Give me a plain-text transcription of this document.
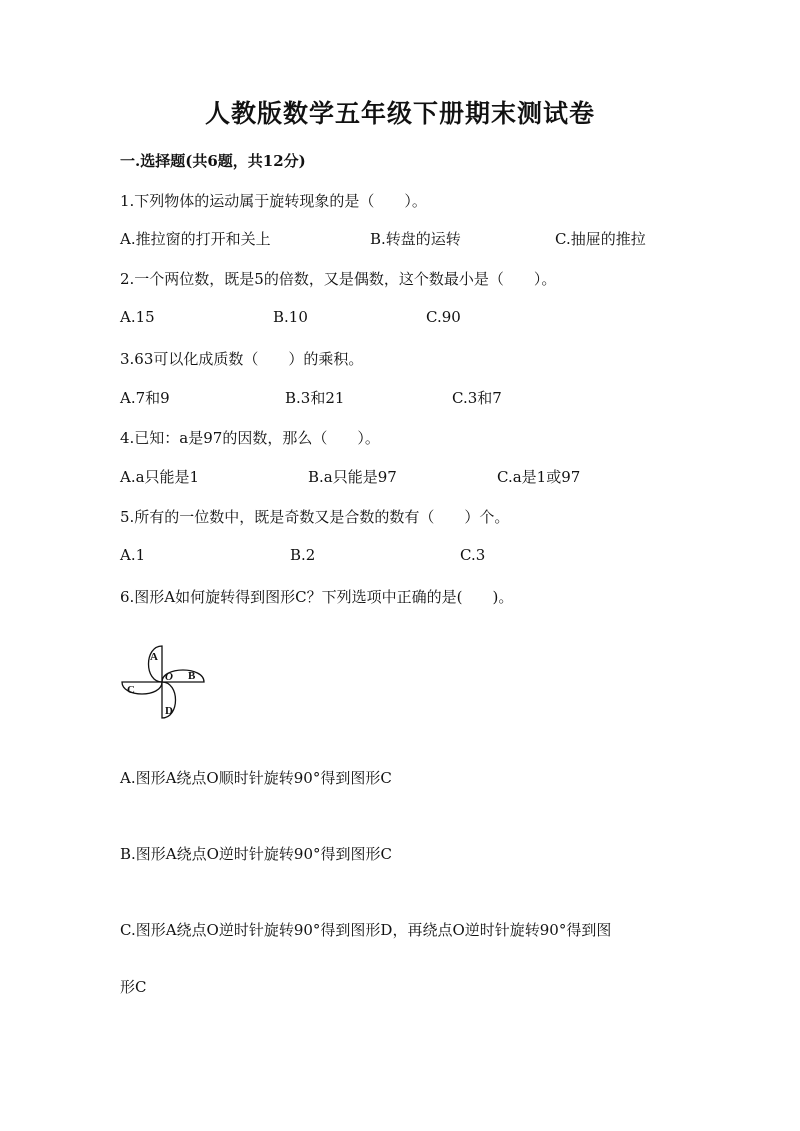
人教版数学五年级下册期末测试卷
一.选择题(共6题，共12分)
1.下列物体的运动属于旋转现象的是（　　）。
A.推拉窗的打开和关上	B.转盘的运转	C.抽屉的推拉
2.一个两位数，既是5的倍数，又是偶数，这个数最小是（　　）。
A.15	B.10	C.90
3.63可以化成质数（　　）的乘积。
A.7和9	B.3和21	C.3和7
4.已知：a是97的因数，那么（　　）。
A.a只能是1	B.a只能是97	C.a是1或97
5.所有的一位数中，既是奇数又是合数的数有（　　）个。
A.1	B.2	C.3
6.图形A如何旋转得到图形C？下列选项中正确的是(　　)。
A
B
C
D
O
A.图形A绕点O顺时针旋转90°得到图形C
B.图形A绕点O逆时针旋转90°得到图形C
C.图形A绕点O逆时针旋转90°得到图形D，再绕点O逆时针旋转90°得到图
形C
